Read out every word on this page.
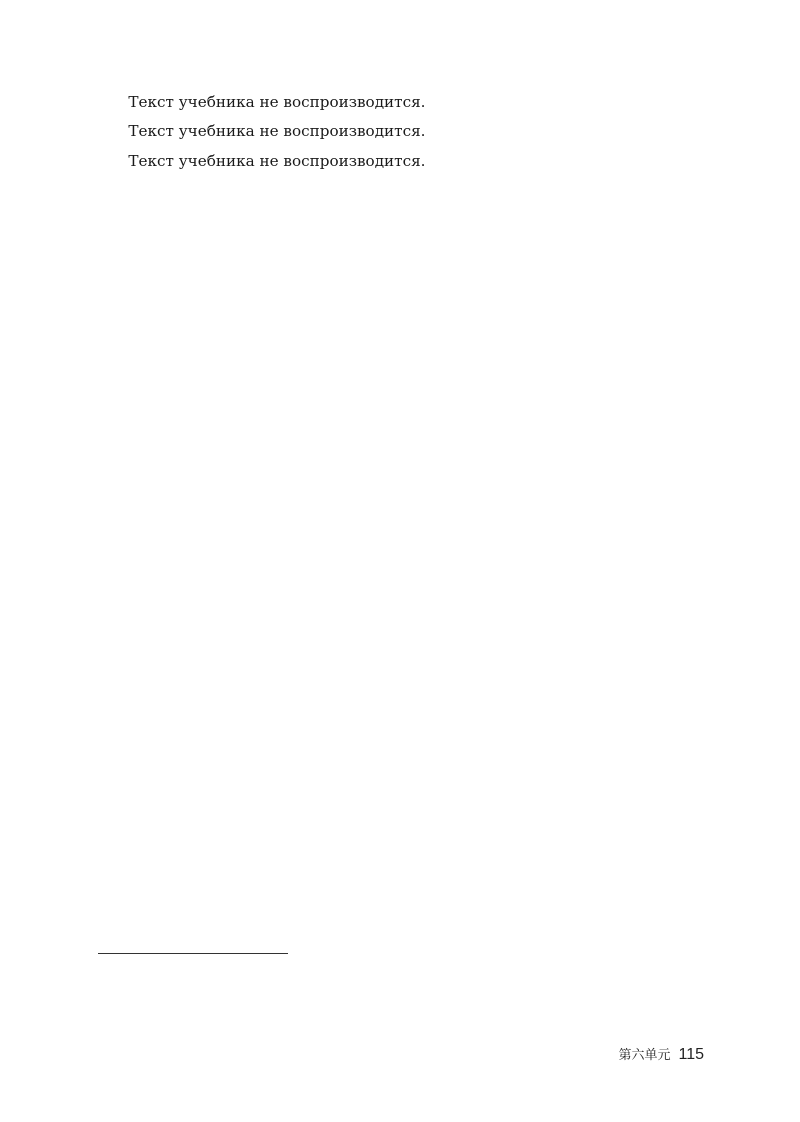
Текст учебника не воспроизводится.

Текст учебника не воспроизводится.

Текст учебника не воспроизводится.

第六单元 115
